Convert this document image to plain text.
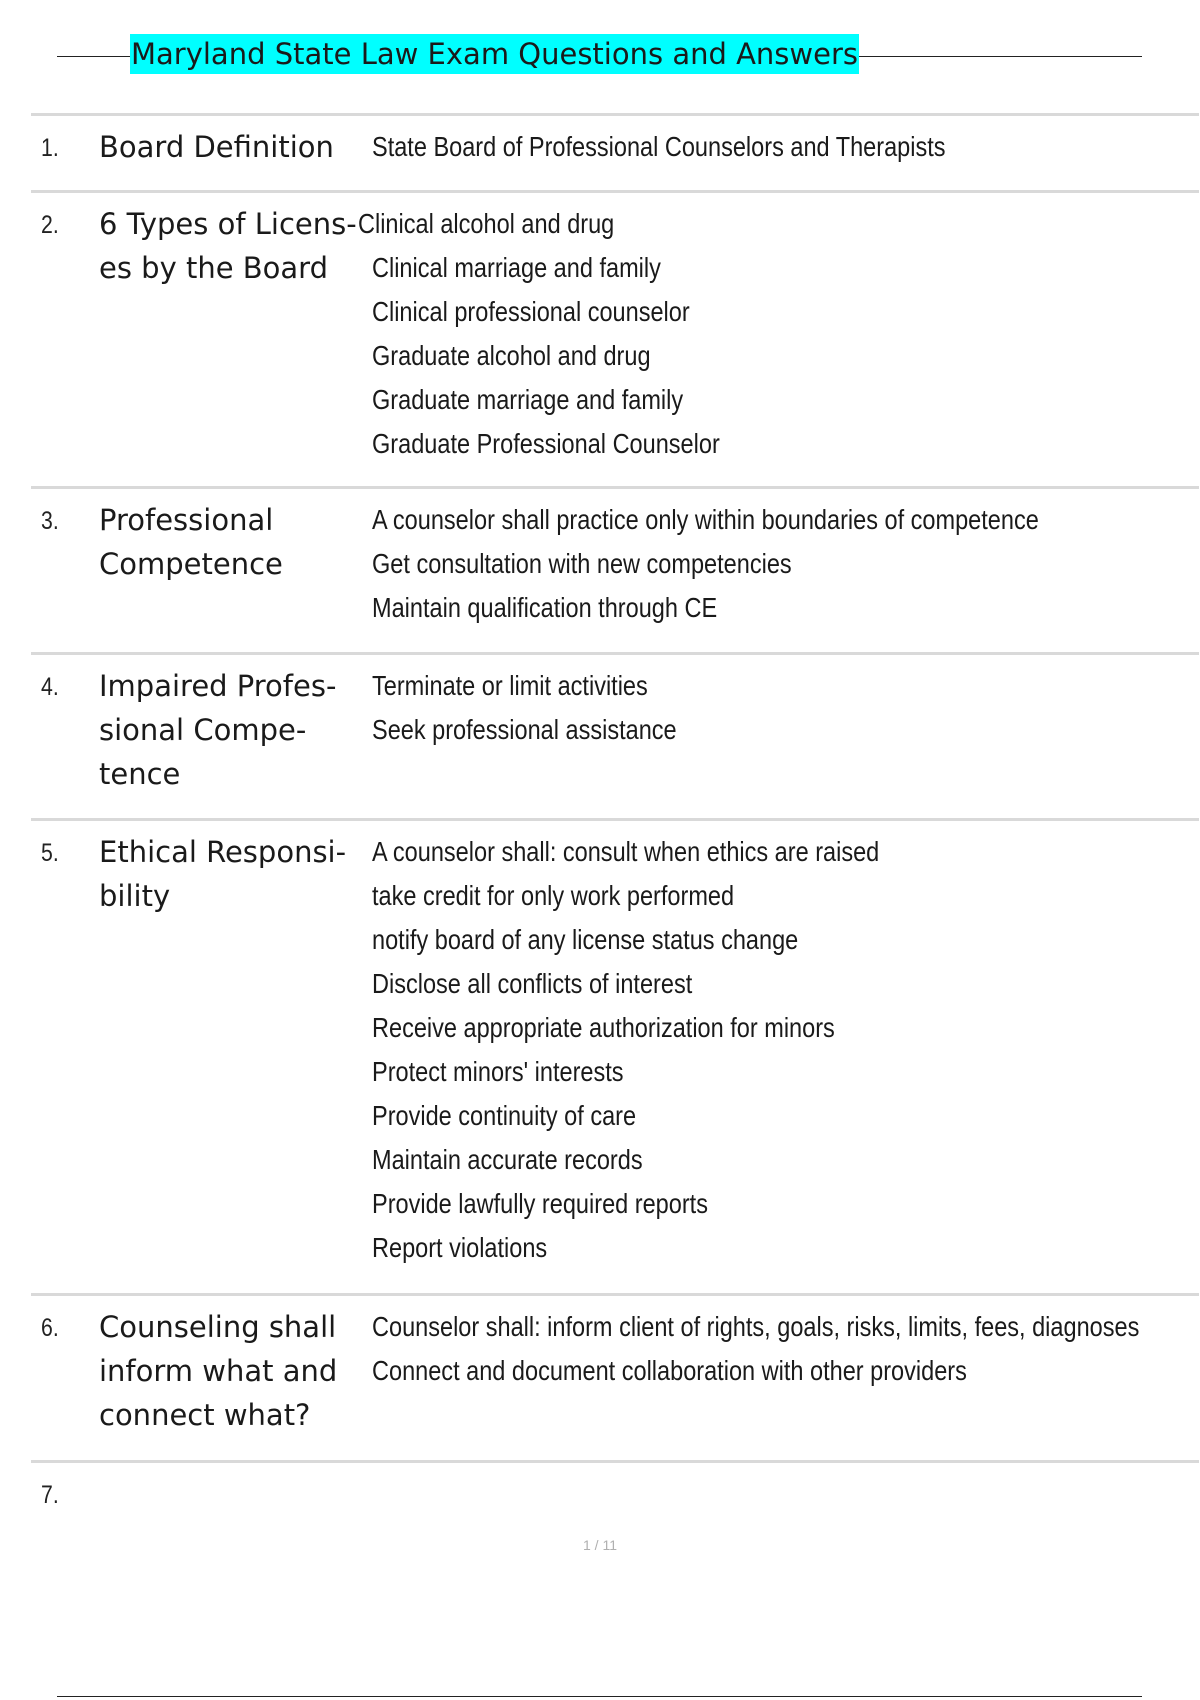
Maryland State Law Exam Questions and Answers
1. Board Definition	State Board of Professional Counselors and Therapists
2. 6 Types of Licens- es by the Board
Clinical alcohol and drug
Clinical marriage and family
Clinical professional counselor
Graduate alcohol and drug
Graduate marriage and family
Graduate Professional Counselor
3. Professional Competence
A counselor shall practice only within boundaries of competence
Get consultation with new competencies
Maintain qualification through CE
4. Impaired Profes- sional Compe- tence
Terminate or limit activities
Seek professional assistance
5. Ethical Responsi- bility
A counselor shall: consult when ethics are raised
take credit for only work performed
notify board of any license status change
Disclose all conflicts of interest
Receive appropriate authorization for minors
Protect minors' interests
Provide continuity of care
Maintain accurate records
Provide lawfully required reports
Report violations
6. Counseling shall inform what and connect what?
Counselor shall: inform client of rights, goals, risks, limits, fees, diagnoses
Connect and document collaboration with other providers
7.
1 / 11
